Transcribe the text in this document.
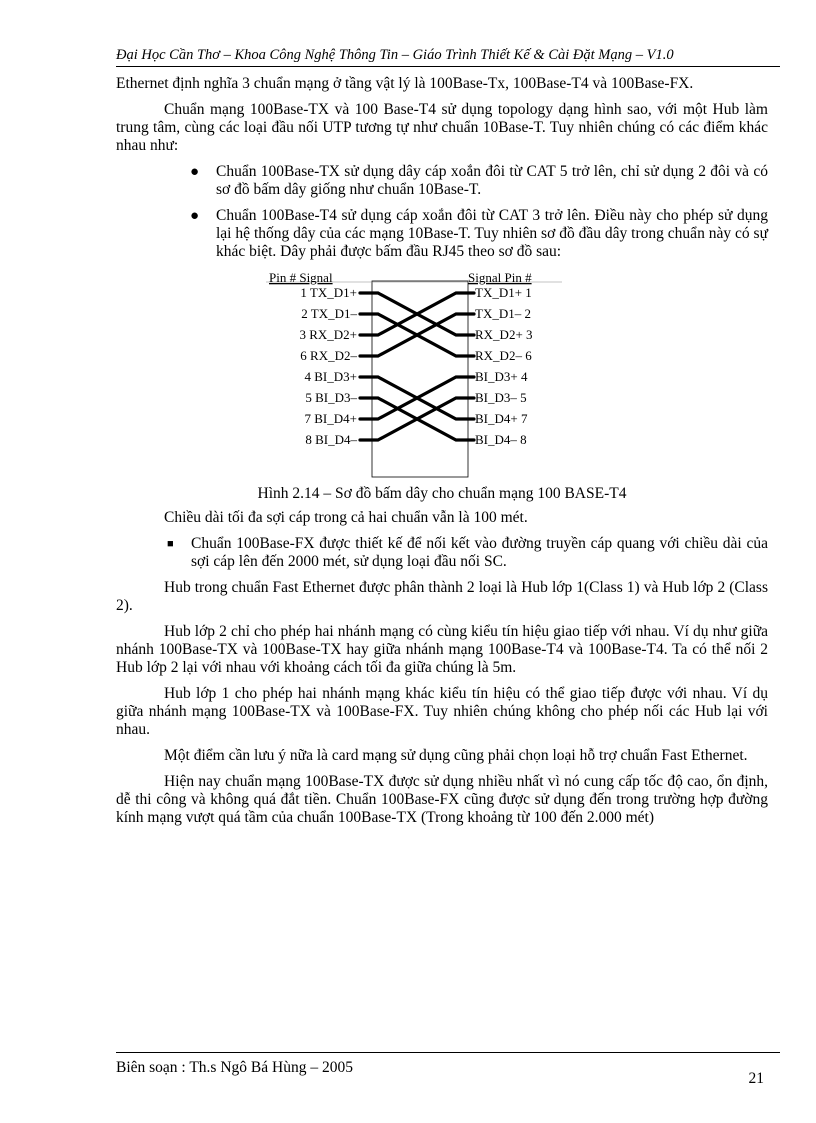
Đại Học Cần Thơ – Khoa Công Nghệ Thông Tin – Giáo Trình Thiết Kế & Cài Đặt Mạng – V1.0

Ethernet định nghĩa 3 chuẩn mạng ở tầng vật lý là 100Base-Tx, 100Base-T4 và 100Base-FX.

Chuẩn mạng 100Base-TX và 100 Base-T4 sử dụng topology dạng hình sao, với một Hub làm trung tâm, cùng các loại đầu nối UTP tương tự như chuẩn 10Base-T. Tuy nhiên chúng có các điểm khác nhau như:

● Chuẩn 100Base-TX sử dụng dây cáp xoắn đôi từ CAT 5 trở lên, chỉ sử dụng 2 đôi và có sơ đồ bấm dây giống như chuẩn 10Base-T.
● Chuẩn 100Base-T4 sử dụng cáp xoắn đôi từ CAT 3 trở lên. Điều này cho phép sử dụng lại hệ thống dây của các mạng 10Base-T. Tuy nhiên sơ đồ đầu dây trong chuẩn này có sự khác biệt. Dây phải được bấm đầu RJ45 theo sơ đồ sau:
Pin # Signal	Signal Pin #
1 TX_D1+
2 TX_D1–
3 RX_D2+
6 RX_D2–
4 BI_D3+
5 BI_D3–
7 BI_D4+
8 BI_D4–
TX_D1+ 1
TX_D1– 2
RX_D2+ 3
RX_D2– 6
BI_D3+ 4
BI_D3– 5
BI_D4+ 7
BI_D4– 8

Hình 2.14 – Sơ đồ bấm dây cho chuẩn mạng 100 BASE-T4

Chiều dài tối đa sợi cáp trong cả hai chuẩn vẫn là 100 mét.

■ Chuẩn 100Base-FX được thiết kế để nối kết vào đường truyền cáp quang với chiều dài của sợi cáp lên đến 2000 mét, sử dụng loại đầu nối SC.

Hub trong chuẩn Fast Ethernet được phân thành 2 loại là Hub lớp 1(Class 1) và Hub lớp 2 (Class 2).

Hub lớp 2 chỉ cho phép hai nhánh mạng có cùng kiểu tín hiệu giao tiếp với nhau. Ví dụ như giữa nhánh 100Base-TX và 100Base-TX hay giữa nhánh mạng 100Base-T4 và 100Base-T4. Ta có thể nối 2 Hub lớp 2 lại với nhau với khoảng cách tối đa giữa chúng là 5m.

Hub lớp 1 cho phép hai nhánh mạng khác kiểu tín hiệu có thể giao tiếp được với nhau. Ví dụ giữa nhánh mạng 100Base-TX và 100Base-FX. Tuy nhiên chúng không cho phép nối các Hub lại với nhau.

Một điểm cần lưu ý nữa là card mạng sử dụng cũng phải chọn loại hỗ trợ chuẩn Fast Ethernet.

Hiện nay chuẩn mạng 100Base-TX được sử dụng nhiều nhất vì nó cung cấp tốc độ cao, ổn định, dễ thi công và không quá đắt tiền. Chuẩn 100Base-FX cũng được sử dụng đến trong trường hợp đường kính mạng vượt quá tầm của chuẩn 100Base-TX (Trong khoảng từ 100 đến 2.000 mét)

Biên soạn : Th.s Ngô Bá Hùng – 2005
21
